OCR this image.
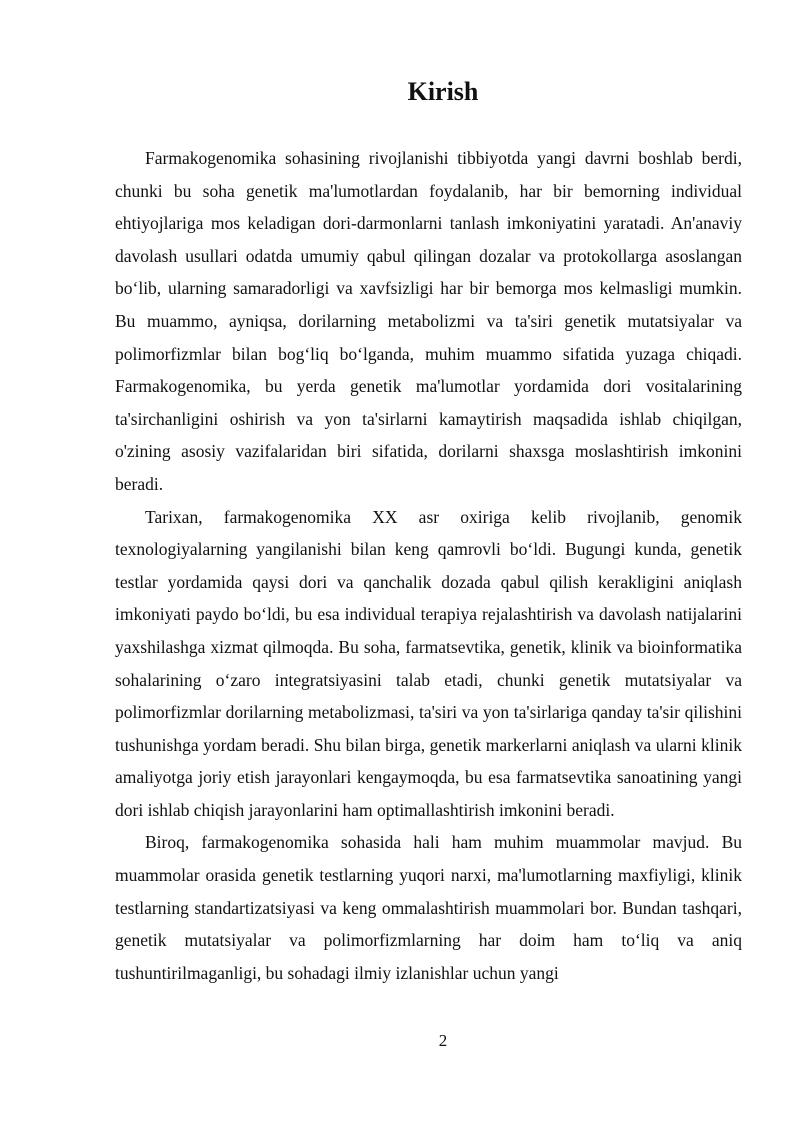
Kirish

Farmakogenomika sohasining rivojlanishi tibbiyotda yangi davrni boshlab berdi, chunki bu soha genetik ma'lumotlardan foydalanib, har bir bemorning individual ehtiyojlariga mos keladigan dori-darmonlarni tanlash imkoniyatini yaratadi. An'anaviy davolash usullari odatda umumiy qabul qilingan dozalar va protokollarga asoslangan bo‘lib, ularning samaradorligi va xavfsizligi har bir bemorga mos kelmasligi mumkin. Bu muammo, ayniqsa, dorilarning metabolizmi va ta'siri genetik mutatsiyalar va polimorfizmlar bilan bog‘liq bo‘lganda, muhim muammo sifatida yuzaga chiqadi. Farmakogenomika, bu yerda genetik ma'lumotlar yordamida dori vositalarining ta'sirchanligini oshirish va yon ta'sirlarni kamaytirish maqsadida ishlab chiqilgan, o'zining asosiy vazifalaridan biri sifatida, dorilarni shaxsga moslashtirish imkonini beradi.

Tarixan, farmakogenomika XX asr oxiriga kelib rivojlanib, genomik texnologiyalarning yangilanishi bilan keng qamrovli bo‘ldi. Bugungi kunda, genetik testlar yordamida qaysi dori va qanchalik dozada qabul qilish kerakligini aniqlash imkoniyati paydo bo‘ldi, bu esa individual terapiya rejalashtirish va davolash natijalarini yaxshilashga xizmat qilmoqda. Bu soha, farmatsevtika, genetik, klinik va bioinformatika sohalarining o‘zaro integratsiyasini talab etadi, chunki genetik mutatsiyalar va polimorfizmlar dorilarning metabolizmasi, ta'siri va yon ta'sirlariga qanday ta'sir qilishini tushunishga yordam beradi. Shu bilan birga, genetik markerlarni aniqlash va ularni klinik amaliyotga joriy etish jarayonlari kengaymoqda, bu esa farmatsevtika sanoatining yangi dori ishlab chiqish jarayonlarini ham optimallashtirish imkonini beradi.

Biroq, farmakogenomika sohasida hali ham muhim muammolar mavjud. Bu muammolar orasida genetik testlarning yuqori narxi, ma'lumotlarning maxfiyligi, klinik testlarning standartizatsiyasi va keng ommalashtirish muammolari bor. Bundan tashqari, genetik mutatsiyalar va polimorfizmlarning har doim ham to‘liq va aniq tushuntirilmaganligi, bu sohadagi ilmiy izlanishlar uchun yangi

2
